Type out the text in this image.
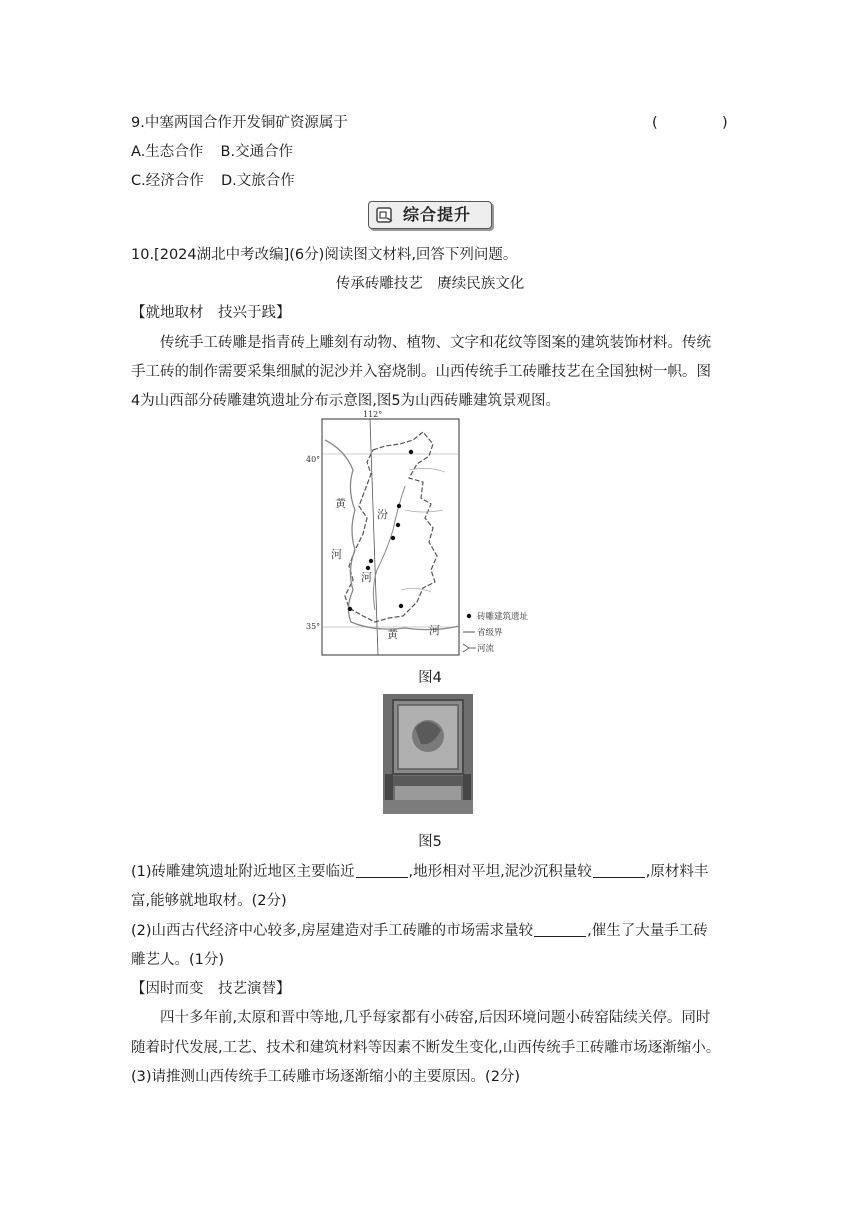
9.中塞两国合作开发铜矿资源属于	(	)
A.生态合作 B.交通合作
C.经济合作 D.文旅合作
综合提升
10.[2024湖北中考改编](6分)阅读图文材料,回答下列问题。
传承砖雕技艺　赓续民族文化
【就地取材　技兴于践】
传统手工砖雕是指青砖上雕刻有动物、植物、文字和花纹等图案的建筑装饰材料。传统
手工砖的制作需要采集细腻的泥沙并入窑烧制。山西传统手工砖雕技艺在全国独树一帜。图
4为山西部分砖雕建筑遗址分布示意图,图5为山西砖雕建筑景观图。
112°
40°
35°
黄
河
汾
河
黄	河
砖雕建筑遗址
省级界
河流
图4
图5
(1)砖雕建筑遗址附近地区主要临近	,地形相对平坦,泥沙沉积量较	,原材料丰
富,能够就地取材。(2分)
(2)山西古代经济中心较多,房屋建造对手工砖雕的市场需求量较	,催生了大量手工砖
雕艺人。(1分)
【因时而变　技艺演替】
四十多年前,太原和晋中等地,几乎每家都有小砖窑,后因环境问题小砖窑陆续关停。同时
随着时代发展,工艺、技术和建筑材料等因素不断发生变化,山西传统手工砖雕市场逐渐缩小。
(3)请推测山西传统手工砖雕市场逐渐缩小的主要原因。(2分)
